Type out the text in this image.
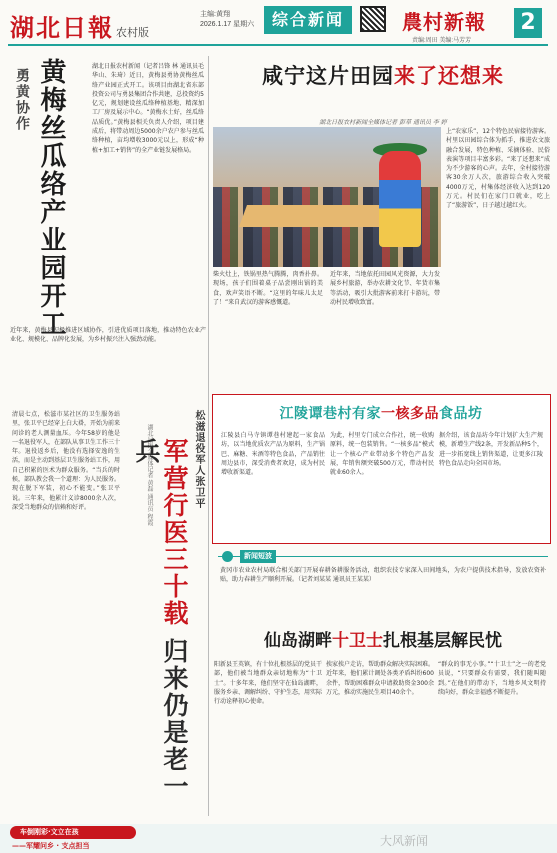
湖北日報 农村版
主编:黄翔
2026.1.17 星期六	综合新闻	農村新報
责编:周田 美编:马芳芳
2
勇黄协作 黄梅丝瓜络产业园开工	湖北日报农村新闻（记者吕锋 林 通讯员毛华山、朱琦）近日，黄梅县勇协黄梅丝瓜络产业园正式开工。该项目由湖北省东部投资公司与勇县集团合作共建，总投资约5亿元，规划建设丝瓜络种植基地、精深加工厂房及展示中心。“黄梅水土好，丝瓜络品质优。”黄梅县相关负责人介绍，项目建成后，将带动周边5000余户农户参与丝瓜络种植，亩均增收3000元以上，形成“种植+加工+销售”的全产业链发展格局。
近年来，黄梅县积极推进区域协作，引进优质项目落地，推动特色农业产业化、规模化、品牌化发展，为乡村振兴注入强劲动能。
清晨七点，松滋市某社区的卫生服务站里，张卫平已经穿上白大褂，开始为前来问诊的老人测量血压。今年58岁的他是一名退役军人，在部队从事卫生工作三十年。退役返乡后，他没有选择安逸的生活，而是主动到基层卫生服务站工作，用自己积累的医术为群众服务。“当兵的时候，部队教会我一个道理：为人民服务。现在脱下军装，初心不能变。”张卫平说。三年来，他累计义诊8000余人次，深受当地群众的信赖和好评。	松滋退役军人张卫平
湖北日报全媒体记者 黄磊 通讯员 程霞 军营行医三十载 归来仍是老一兵
咸宁这片田园来了还想来
湖北日报农村新闻全媒体记者 彭草 通讯员 李 婷
柴火灶上，铁锅里热气腾腾，肉香扑鼻。现场，孩子们围着桌子品尝刚出锅的美食，欢声笑语不断。“这里的年味儿太足了！”来自武汉的游客感慨道。
近年来，当地依托田园风光资源，大力发展乡村旅游，举办农耕文化节、年货市集等活动，吸引大批游客前来打卡游玩，带动村民增收致富。
上“农家乐”，12个特色民宿接待游客。村里以田园综合体为抓手，推进农文旅融合发展，特色种植、采摘体验、民俗表演等项目丰富多彩。“来了还想来”成为不少游客的心声。去年，全村接待游客30余万人次，旅游综合收入突破4000万元，村集体经济收入达到120万元。村民们在家门口就业，吃上了“旅游饭”，日子越过越红火。
江陵谭巷村有家一核多品食品坊
江陵县白马寺镇谭巷村建起一家食品坊，以当地优质农产品为原料，生产锅巴、麻糖、米酒等特色食品，产品销往周边县市，深受消费者欢迎，成为村民增收新渠道。
为此，村里专门成立合作社，统一收购原料，统一包装销售。“一核多品”模式让一个核心产业带动多个特色产品发展，年销售额突破500万元，带动村民就业60余人。
据介绍，该食品坊今年计划扩大生产规模，新增生产线2条，开发新品种5个，进一步拓宽线上销售渠道，让更多江陵特色食品走向全国市场。
新闻短波
黄冈市农业农村局联合相关部门开展春耕备耕服务活动，组织农技专家深入田间地头，为农户提供技术指导，发放农资补贴，助力春耕生产顺利开展。（记者刘某某 通讯员王某某）
仙岛湖畔十卫士扎根基层解民忧
阳新县王英镇，有十位扎根基层的党员干部，他们被当地群众亲切地称为“十卫士”。十多年来，他们坚守在仙岛湖畔，服务乡亲、调解纠纷、守护生态，用实际行动诠释初心使命。
挨家挨户走访，帮助群众解决实际困难。近年来，他们累计调处各类矛盾纠纷600余件，帮助困难群众申请救助资金300余万元，推动实施民生项目40余个。
“群众的事无小事。”“十卫士”之一的老党员说，“只要群众有需要，我们随叫随到。”在他们的带动下，当地乡风文明持续向好，群众幸福感不断提升。
车倒刚彩·文立在孩
——军耀问乡 · 支点担当	大风新闻
